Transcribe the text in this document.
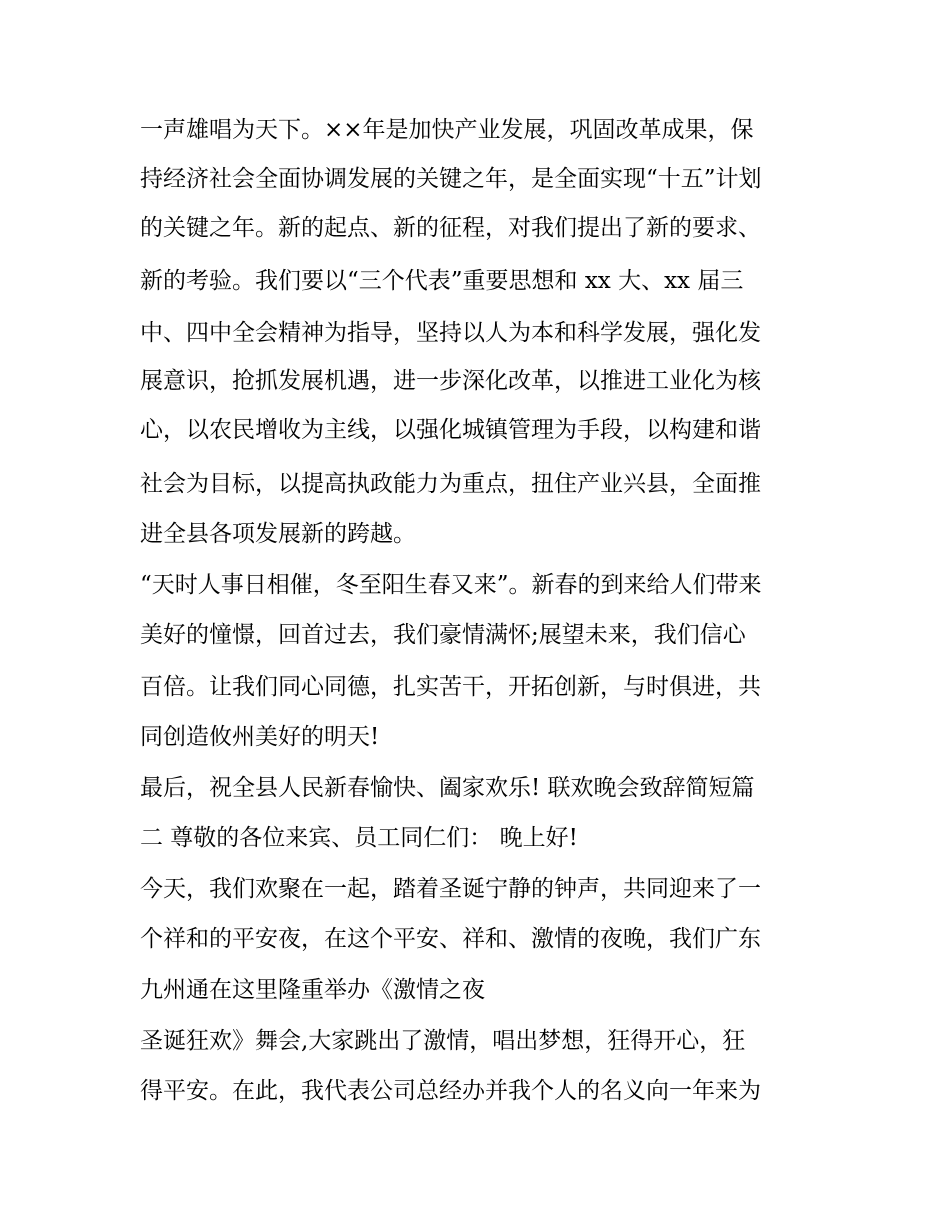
一声雄唱为天下。××年是加快产业发展，巩固改革成果，保
持经济社会全面协调发展的关键之年，是全面实现“十五”计划
的关键之年。新的起点、新的征程，对我们提出了新的要求、
新的考验。我们要以“三个代表”重要思想和 xx 大、xx 届三
中、四中全会精神为指导，坚持以人为本和科学发展，强化发
展意识，抢抓发展机遇，进一步深化改革，以推进工业化为核
心，以农民增收为主线，以强化城镇管理为手段，以构建和谐
社会为目标，以提高执政能力为重点，扭住产业兴县，全面推
进全县各项发展新的跨越。
“天时人事日相催，冬至阳生春又来”。新春的到来给人们带来
美好的憧憬，回首过去，我们豪情满怀;展望未来，我们信心
百倍。让我们同心同德，扎实苦干，开拓创新，与时俱进，共
同创造攸州美好的明天!
最后，祝全县人民新春愉快、阖家欢乐! 联欢晚会致辞简短篇
二 尊敬的各位来宾、员工同仁们： 晚上好!
今天，我们欢聚在一起，踏着圣诞宁静的钟声，共同迎来了一
个祥和的平安夜，在这个平安、祥和、激情的夜晚，我们广东
九州通在这里隆重举办《激情之夜
圣诞狂欢》舞会,大家跳出了激情，唱出梦想，狂得开心，狂
得平安。在此，我代表公司总经办并我个人的名义向一年来为
